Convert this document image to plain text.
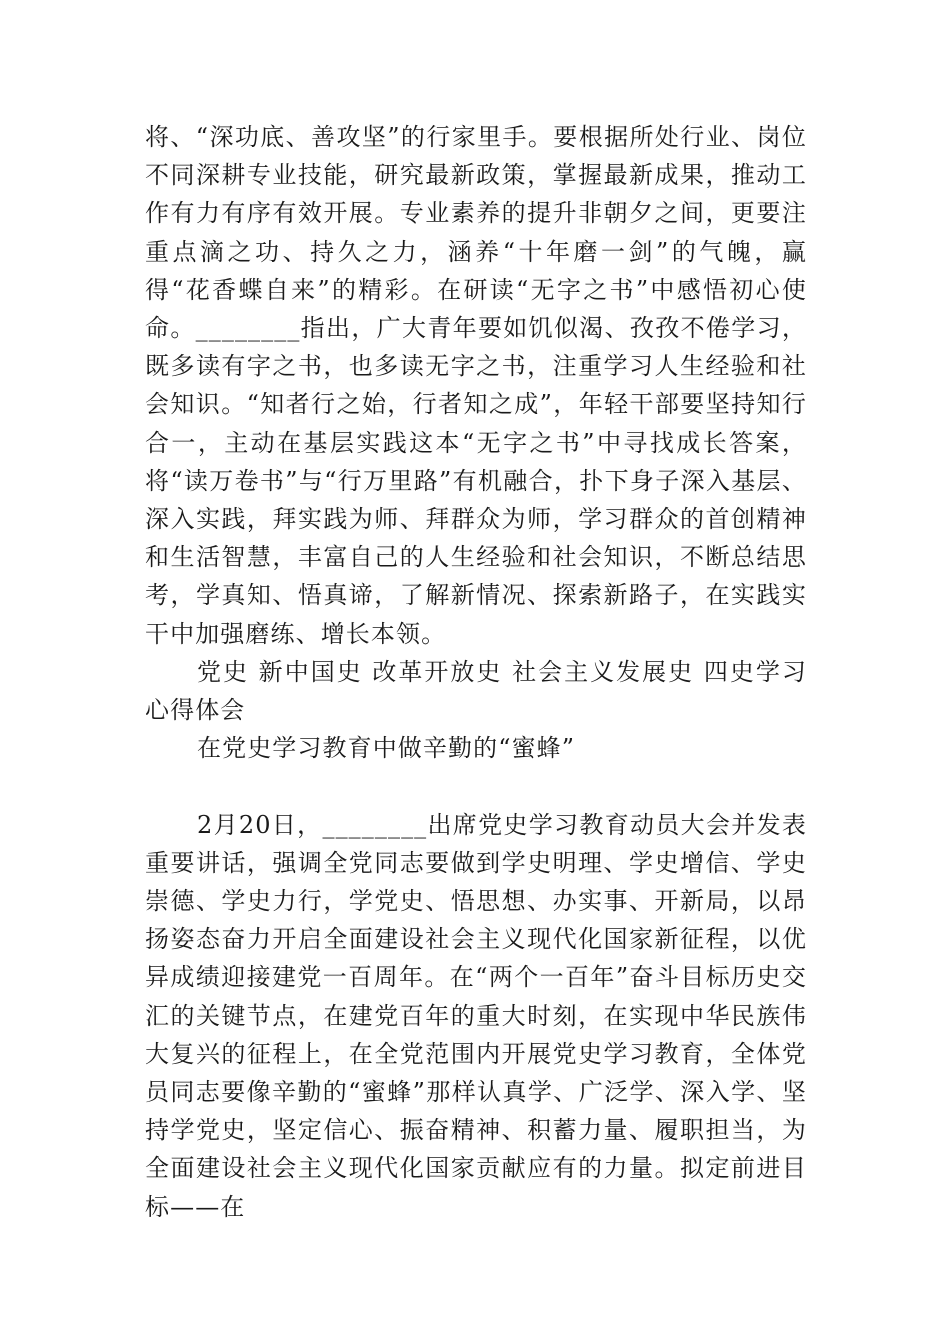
将、“深功底、善攻坚”的行家里手。要根据所处行业、岗位不同深耕专业技能，研究最新政策，掌握最新成果，推动工作有力有序有效开展。专业素养的提升非朝夕之间，更要注重点滴之功、持久之力，涵养“十年磨一剑”的气魄，赢得“花香蝶自来”的精彩。在研读“无字之书”中感悟初心使命。________指出，广大青年要如饥似渴、孜孜不倦学习，既多读有字之书，也多读无字之书，注重学习人生经验和社会知识。“知者行之始，行者知之成”，年轻干部要坚持知行合一，主动在基层实践这本“无字之书”中寻找成长答案，将“读万卷书”与“行万里路”有机融合，扑下身子深入基层、深入实践，拜实践为师、拜群众为师，学习群众的首创精神和生活智慧，丰富自己的人生经验和社会知识，不断总结思考，学真知、悟真谛，了解新情况、探索新路子，在实践实干中加强磨练、增长本领。

党史 新中国史 改革开放史 社会主义发展史 四史学习心得体会

在党史学习教育中做辛勤的“蜜蜂”

2月20日，________出席党史学习教育动员大会并发表重要讲话，强调全党同志要做到学史明理、学史增信、学史崇德、学史力行，学党史、悟思想、办实事、开新局，以昂扬姿态奋力开启全面建设社会主义现代化国家新征程，以优异成绩迎接建党一百周年。在“两个一百年”奋斗目标历史交汇的关键节点，在建党百年的重大时刻，在实现中华民族伟大复兴的征程上，在全党范围内开展党史学习教育，全体党员同志要像辛勤的“蜜蜂”那样认真学、广泛学、深入学、坚持学党史，坚定信心、振奋精神、积蓄力量、履职担当，为全面建设社会主义现代化国家贡献应有的力量。拟定前进目标——在
